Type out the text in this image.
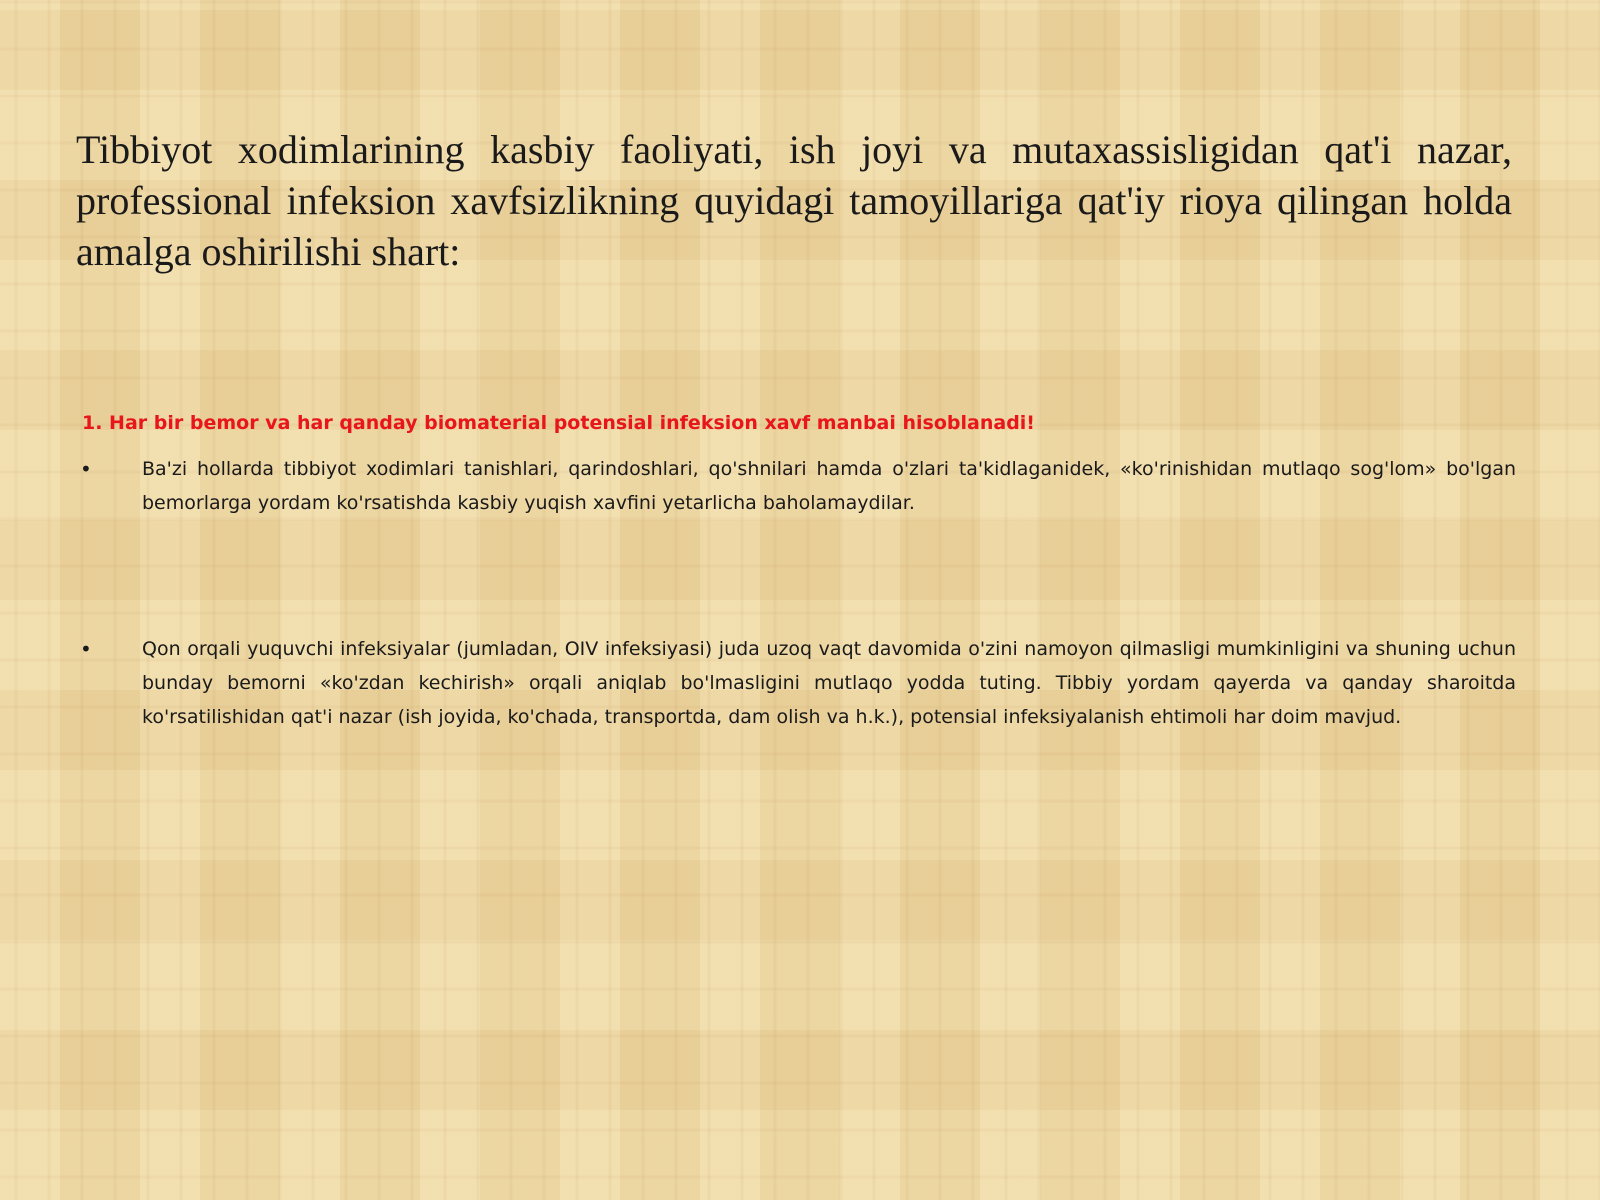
Tibbiyot xodimlarining kasbiy faoliyati, ish joyi va mutaxassisligidan qat'i nazar, professional infeksion xavfsizlikning quyidagi tamoyillariga qat'iy rioya qilingan holda amalga oshirilishi shart:

1. Har bir bemor va har qanday biomaterial potensial infeksion xavf manbai hisoblanadi!

•	Ba'zi hollarda tibbiyot xodimlari tanishlari, qarindoshlari, qo'shnilari hamda o'zlari ta'kidlaganidek, «ko'rinishidan mutlaqo sog'lom» bo'lgan bemorlarga yordam ko'rsatishda kasbiy yuqish xavfini yetarlicha baholamaydilar.

•	Qon orqali yuquvchi infeksiyalar (jumladan, OIV infeksiyasi) juda uzoq vaqt davomida o'zini namoyon qilmasligi mumkinligini va shuning uchun bunday bemorni «ko'zdan kechirish» orqali aniqlab bo'lmasligini mutlaqo yodda tuting. Tibbiy yordam qayerda va qanday sharoitda ko'rsatilishidan qat'i nazar (ish joyida, ko'chada, transportda, dam olish va h.k.), potensial infeksiyalanish ehtimoli har doim mavjud.
